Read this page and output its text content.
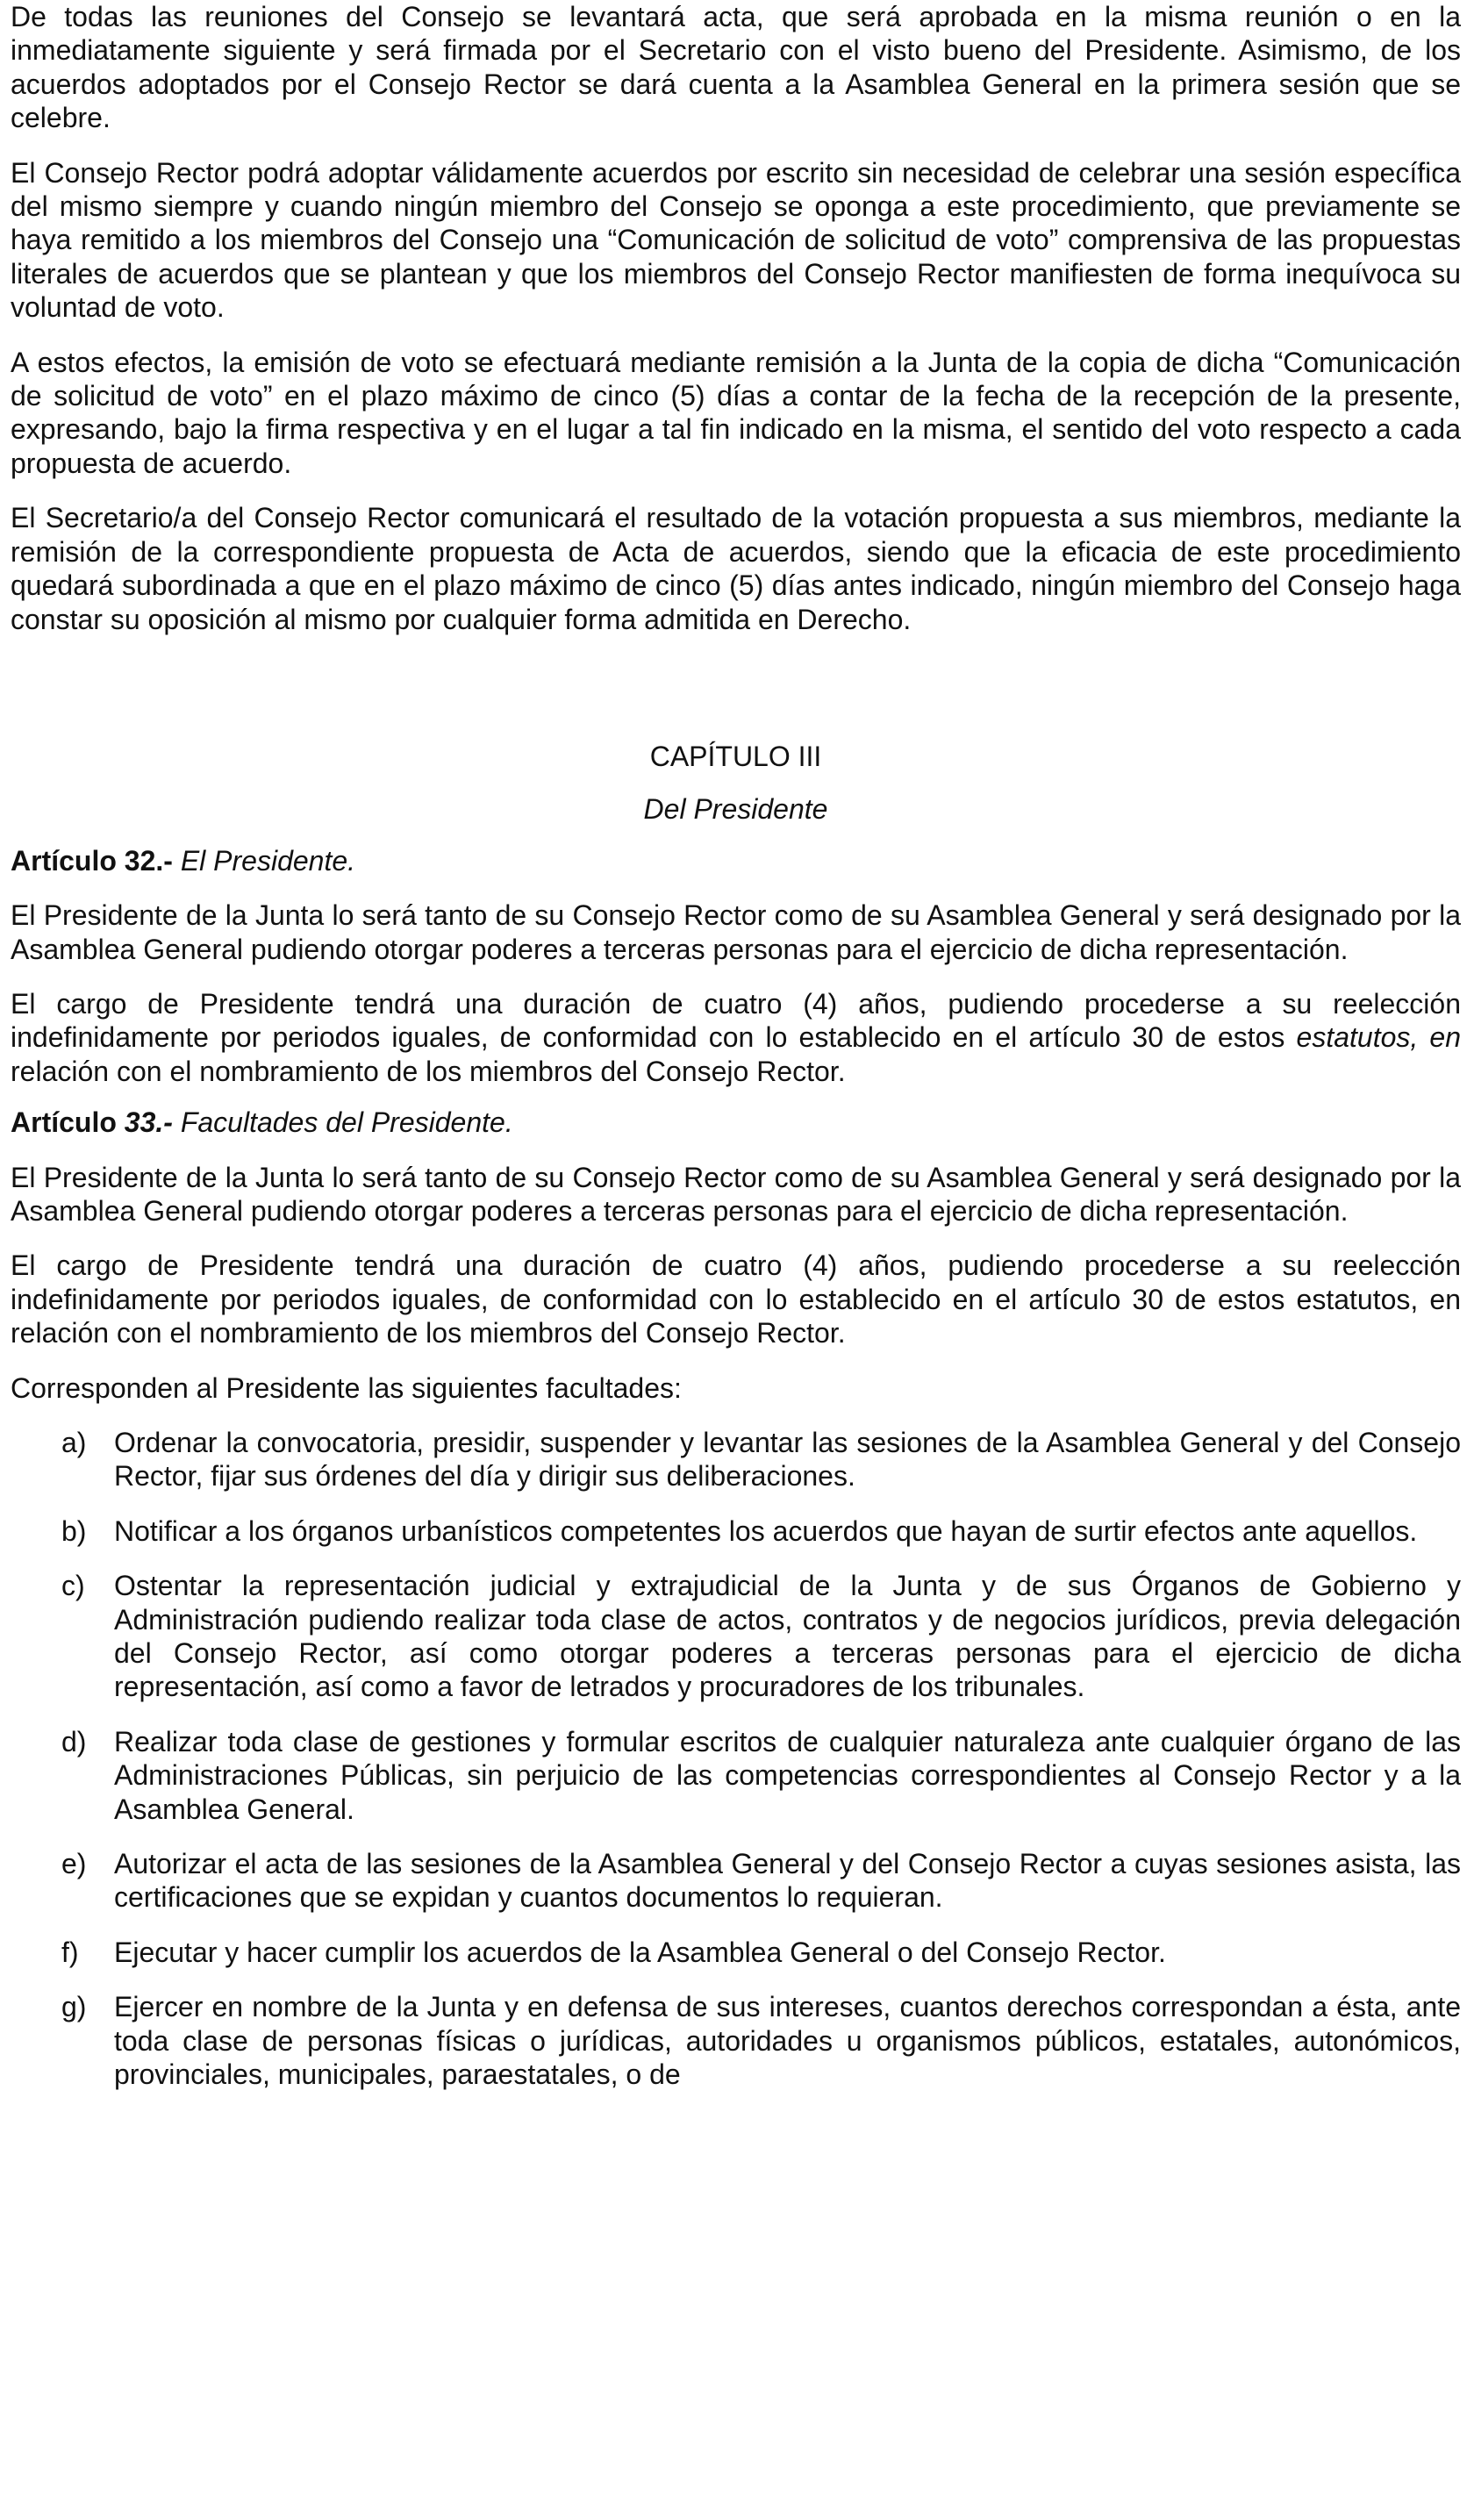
De todas las reuniones del Consejo se levantará acta, que será aprobada en la misma reunión o en la inmediatamente siguiente y será firmada por el Secretario con el visto bueno del Presidente. Asimismo, de los acuerdos adoptados por el Consejo Rector se dará cuenta a la Asamblea General en la primera sesión que se celebre.

El Consejo Rector podrá adoptar válidamente acuerdos por escrito sin necesidad de celebrar una sesión específica del mismo siempre y cuando ningún miembro del Consejo se oponga a este procedimiento, que previamente se haya remitido a los miembros del Consejo una “Comunicación de solicitud de voto” comprensiva de las propuestas literales de acuerdos que se plantean y que los miembros del Consejo Rector manifiesten de forma inequívoca su voluntad de voto.

A estos efectos, la emisión de voto se efectuará mediante remisión a la Junta de la copia de dicha “Comunicación de solicitud de voto” en el plazo máximo de cinco (5) días a contar de la fecha de la recepción de la presente, expresando, bajo la firma respectiva y en el lugar a tal fin indicado en la misma, el sentido del voto respecto a cada propuesta de acuerdo.

El Secretario/a del Consejo Rector comunicará el resultado de la votación propuesta a sus miembros, mediante la remisión de la correspondiente propuesta de Acta de acuerdos, siendo que la eficacia de este procedimiento quedará subordinada a que en el plazo máximo de cinco (5) días antes indicado, ningún miembro del Consejo haga constar su oposición al mismo por cualquier forma admitida en Derecho.

CAPÍTULO III

Del Presidente

Artículo 32.- El Presidente.

El Presidente de la Junta lo será tanto de su Consejo Rector como de su Asamblea General y será designado por la Asamblea General pudiendo otorgar poderes a terceras personas para el ejercicio de dicha representación.

El cargo de Presidente tendrá una duración de cuatro (4) años, pudiendo procederse a su reelección indefinidamente por periodos iguales, de conformidad con lo establecido en el artículo 30 de estos estatutos, en relación con el nombramiento de los miembros del Consejo Rector.

Artículo 33.- Facultades del Presidente.

El Presidente de la Junta lo será tanto de su Consejo Rector como de su Asamblea General y será designado por la Asamblea General pudiendo otorgar poderes a terceras personas para el ejercicio de dicha representación.

El cargo de Presidente tendrá una duración de cuatro (4) años, pudiendo procederse a su reelección indefinidamente por periodos iguales, de conformidad con lo establecido en el artículo 30 de estos estatutos, en relación con el nombramiento de los miembros del Consejo Rector.

Corresponden al Presidente las siguientes facultades:

a) Ordenar la convocatoria, presidir, suspender y levantar las sesiones de la Asamblea General y del Consejo Rector, fijar sus órdenes del día y dirigir sus deliberaciones.
b) Notificar a los órganos urbanísticos competentes los acuerdos que hayan de surtir efectos ante aquellos.
c)	Ostentar la representación judicial y extrajudicial de la Junta y de sus Órganos de Gobierno y Administración pudiendo realizar toda clase de actos, contratos y de negocios jurídicos, previa delegación del Consejo Rector, así como otorgar poderes a terceras personas para el ejercicio de dicha representación, así como a favor de letrados y procuradores de los tribunales.
d) Realizar toda clase de gestiones y formular escritos de cualquier naturaleza ante cualquier órgano de las Administraciones Públicas, sin perjuicio de las competencias correspondientes al Consejo Rector y a la Asamblea General.
e) Autorizar el acta de las sesiones de la Asamblea General y del Consejo Rector a cuyas sesiones asista, las certificaciones que se expidan y cuantos documentos lo requieran.
f)	Ejecutar y hacer cumplir los acuerdos de la Asamblea General o del Consejo Rector.
g) Ejercer en nombre de la Junta y en defensa de sus intereses, cuantos derechos correspondan a ésta, ante toda clase de personas físicas o jurídicas, autoridades u organismos públicos, estatales, autonómicos, provinciales, municipales, paraestatales, o de
